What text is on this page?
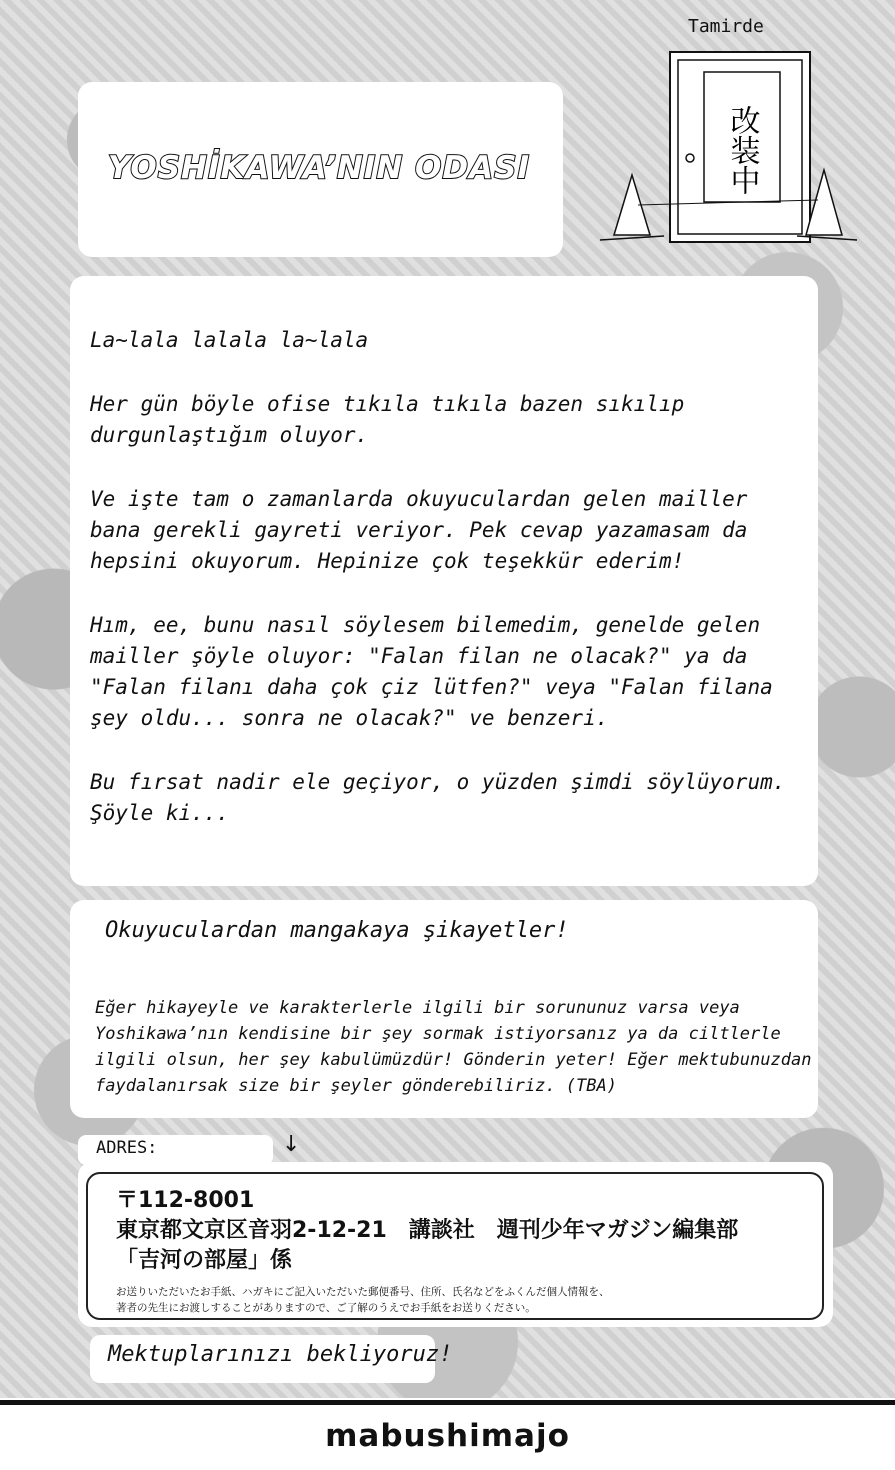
YOSHİKAWA’NIN ODASI
Tamirde
改装中

La~lala lalala la~lala

Her gün böyle ofise tıkıla tıkıla bazen sıkılıp durgunlaştığım oluyor.

Ve işte tam o zamanlarda okuyuculardan gelen mailler bana gerekli gayreti veriyor. Pek cevap yazamasam da hepsini okuyorum. Hepinize çok teşekkür ederim!

Hım, ee, bunu nasıl söylesem bilemedim, genelde gelen mailler şöyle oluyor: "Falan filan ne olacak?" ya da "Falan filanı daha çok çiz lütfen?" veya "Falan filana şey oldu... sonra ne olacak?" ve benzeri.

Bu fırsat nadir ele geçiyor, o yüzden şimdi söylüyorum. Şöyle ki...

Okuyuculardan mangakaya şikayetler!
Eğer hikayeyle ve karakterlerle ilgili bir sorununuz varsa veya Yoshikawa’nın kendisine bir şey sormak istiyorsanız ya da ciltlerle ilgili olsun, her şey kabulümüzdür! Gönderin yeter! Eğer mektubunuzdan faydalanırsak size bir şeyler gönderebiliriz. (TBA)
ADRES:	↓
〒112-8001
東京都文京区音羽2-12-21　講談社　週刊少年マガジン編集部
「吉河の部屋」係
お送りいただいたお手紙、ハガキにご記入いただいた郵便番号、住所、氏名などをふくんだ個人情報を、
著者の先生にお渡しすることがありますので、ご了解のうえでお手紙をお送りください。
Mektuplarınızı bekliyoruz!
mabushimajo
